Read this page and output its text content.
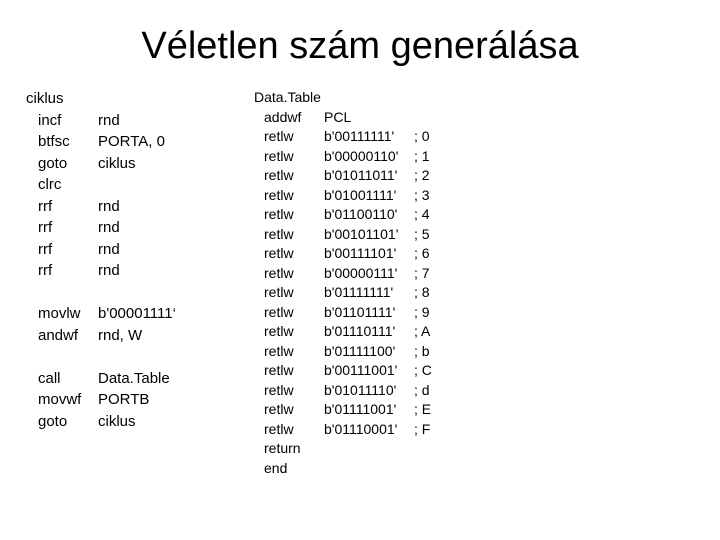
Véletlen szám generálása
ciklus
incf rnd
btfsc PORTA, 0
goto ciklus
clrc
rrf	rnd
rrf	rnd
rrf	rnd
rrf	rnd
movlw b'00001111‘
andwf rnd, W
call Data.Table
movwf PORTB
goto ciklus
Data.Table
addwf PCL
retlw b'00111111' ; 0
retlw b'00000110' ; 1
retlw b'01011011' ; 2
retlw b'01001111' ; 3
retlw b'01100110' ; 4
retlw b'00101101' ; 5
retlw b'00111101' ; 6
retlw b'00000111' ; 7
retlw b'01111111' ; 8
retlw b'01101111' ; 9
retlw b'01110111' ; A
retlw b'01111100' ; b
retlw b'00111001' ; C
retlw b'01011110' ; d
retlw b'01111001' ; E
retlw b'01110001' ; F
return
end
